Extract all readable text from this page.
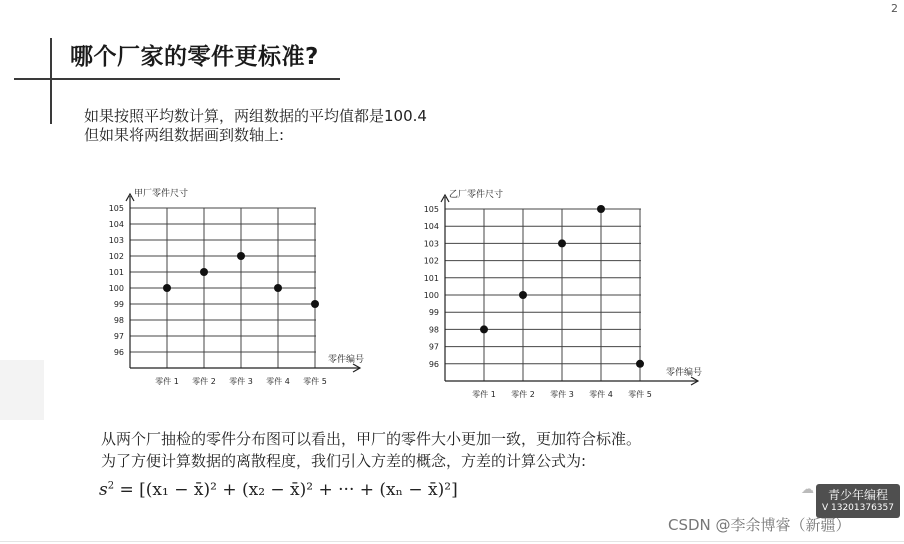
2
哪个厂家的零件更标准?
如果按照平均数计算，两组数据的平均值都是100.4
但如果将两组数据画到数轴上:
甲厂零件尺寸
零件编号
96
97
98
99
100
101
102
103
104
105
零件 1 零件 2 零件 3 零件 4 零件 5
乙厂零件尺寸
零件编号
96
97
98
99
100
101
102
103
104
105
零件 1 零件 2 零件 3 零件 4 零件 5
从两个厂抽检的零件分布图可以看出，甲厂的零件大小更加一致，更加符合标准。
为了方便计算数据的离散程度，我们引入方差的概念，方差的计算公式为:
$s^2 = [(x_1$ − x̄)² + (x₂ − x̄)² + ··· + (xₙ − x̄)²]	☁	青少年编程
V 13201376357
CSDN @李余博睿（新疆）
